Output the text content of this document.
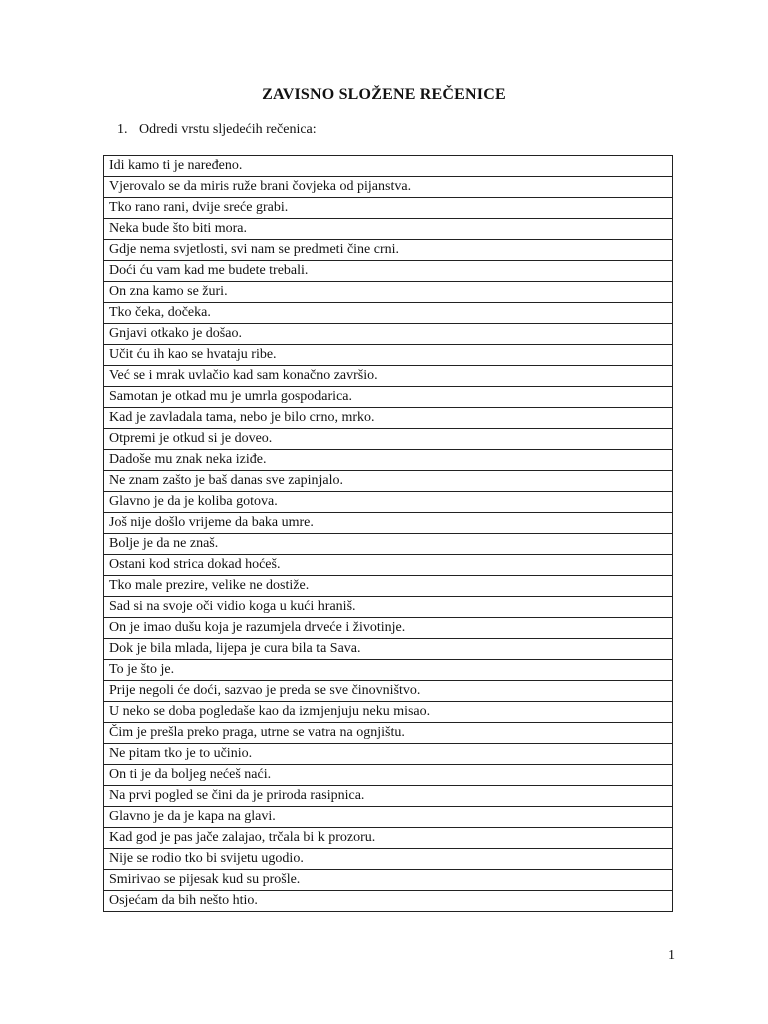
ZAVISNO SLOŽENE REČENICE
1. Odredi vrstu sljedećih rečenica:
Idi kamo ti je naređeno.
Vjerovalo se da miris ruže brani čovjeka od pijanstva.
Tko rano rani, dvije sreće grabi.
Neka bude što biti mora.
Gdje nema svjetlosti, svi nam se predmeti čine crni.
Doći ću vam kad me budete trebali.
On zna kamo se žuri.
Tko čeka, dočeka.
Gnjavi otkako je došao.
Učit ću ih kao se hvataju ribe.
Već se i mrak uvlačio kad sam konačno završio.
Samotan je otkad mu je umrla gospodarica.
Kad je zavladala tama, nebo je bilo crno, mrko.
Otpremi je otkud si je doveo.
Dadoše mu znak neka iziđe.
Ne znam zašto je baš danas sve zapinjalo.
Glavno je da je koliba gotova.
Još nije došlo vrijeme da baka umre.
Bolje je da ne znaš.
Ostani kod strica dokad hoćeš.
Tko male prezire, velike ne dostiže.
Sad si na svoje oči vidio koga u kući hraniš.
On je imao dušu koja je razumjela drveće i životinje.
Dok je bila mlada, lijepa je cura bila ta Sava.
To je što je.
Prije negoli će doći, sazvao je preda se sve činovništvo.
U neko se doba pogledaše kao da izmjenjuju neku misao.
Čim je prešla preko praga, utrne se vatra na ognjištu.
Ne pitam tko je to učinio.
On ti je da boljeg nećeš naći.
Na prvi pogled se čini da je priroda rasipnica.
Glavno je da je kapa na glavi.
Kad god je pas jače zalajao, trčala bi k prozoru.
Nije se rodio tko bi svijetu ugodio.
Smirivao se pijesak kud su prošle.
Osjećam da bih nešto htio.
1
